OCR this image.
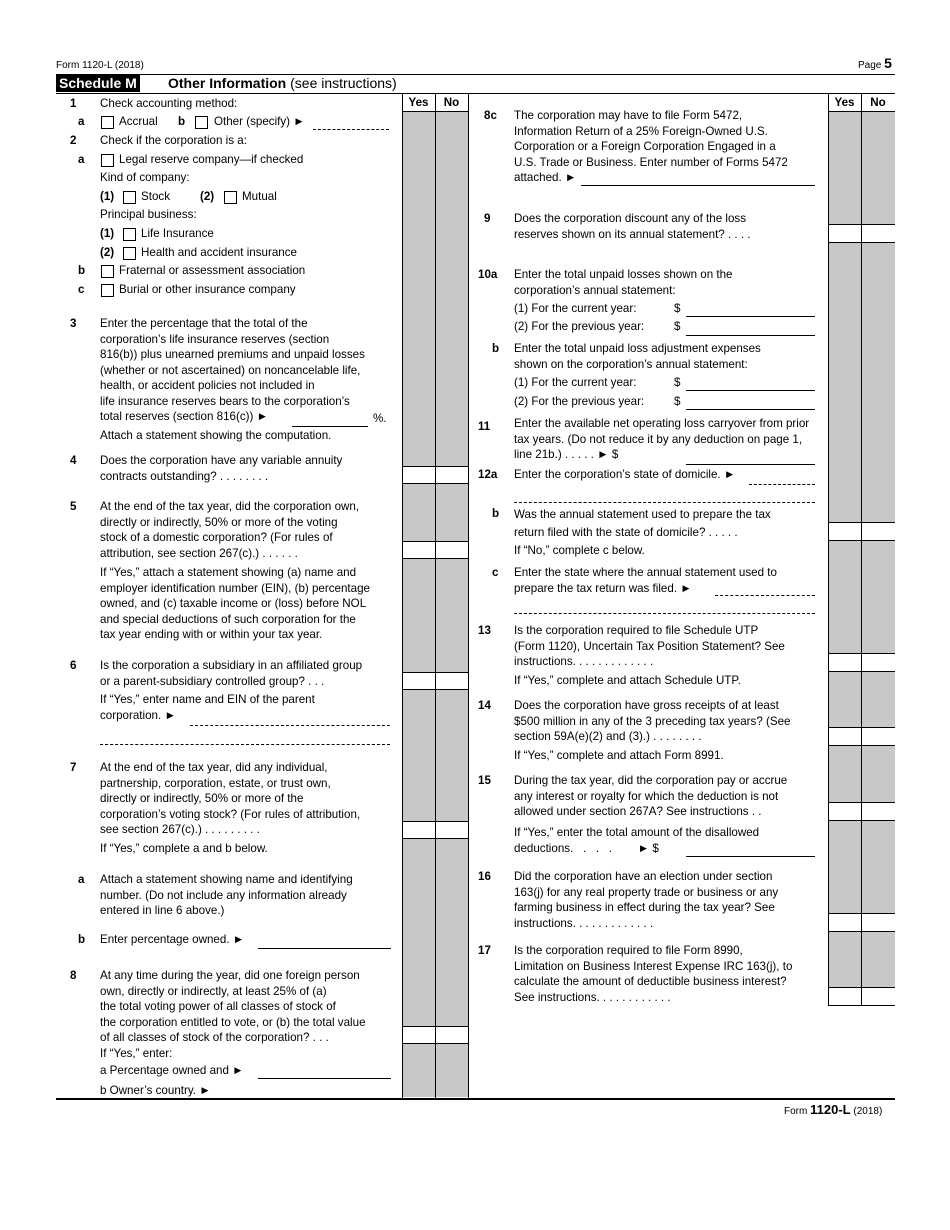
Form 1120-L (2018)	Page 5
Schedule M Other Information (see instructions)
Yes	No	Yes	No
1 Check accounting method:
a	Accrual b Other (specify) ►
2 Check if the corporation is a:
a	Legal reserve company—if checked
Kind of company:
(1) Stock	(2) Mutual
Principal business:
(1) Life Insurance
(2) Health and accident insurance
b	Fraternal or assessment association
c	Burial or other insurance company
3 Enter the percentage that the total of the
corporation’s life insurance reserves (section
816(b)) plus unearned premiums and unpaid losses
(whether or not ascertained) on noncancelable life,
health, or accident policies not included in
life insurance reserves bears to the corporation’s
total reserves (section 816(c)) ►	%.
Attach a statement showing the computation.
4 Does the corporation have any variable annuity
contracts outstanding? . . . . . . . .
5 At the end of the tax year, did the corporation own,
directly or indirectly, 50% or more of the voting
stock of a domestic corporation? (For rules of
attribution, see section 267(c).) . . . . . .
If “Yes,” attach a statement showing (a) name and
employer identification number (EIN), (b) percentage
owned, and (c) taxable income or (loss) before NOL
and special deductions of such corporation for the
tax year ending with or within your tax year.
6 Is the corporation a subsidiary in an affiliated group
or a parent-subsidiary controlled group? . . .
If “Yes,” enter name and EIN of the parent
corporation. ►
7 At the end of the tax year, did any individual,
partnership, corporation, estate, or trust own,
directly or indirectly, 50% or more of the
corporation’s voting stock? (For rules of attribution,
see section 267(c).) . . . . . . . . .
If “Yes,” complete a and b below.
a Attach a statement showing name and identifying
number. (Do not include any information already
entered in line 6 above.)
b Enter percentage owned. ►
8 At any time during the year, did one foreign person
own, directly or indirectly, at least 25% of (a)
the total voting power of all classes of stock of
the corporation entitled to vote, or (b) the total value
of all classes of stock of the corporation? . . .
If “Yes,” enter:
a Percentage owned and ►
b Owner’s country. ►
8c The corporation may have to file Form 5472,
Information Return of a 25% Foreign-Owned U.S.
Corporation or a Foreign Corporation Engaged in a
U.S. Trade or Business. Enter number of Forms 5472
attached. ►
9 Does the corporation discount any of the loss
reserves shown on its annual statement? . . . .
10a Enter the total unpaid losses shown on the
corporation’s annual statement:
(1) For the current year:	$
(2) For the previous year:	$
b Enter the total unpaid loss adjustment expenses
shown on the corporation’s annual statement:
(1) For the current year:	$
(2) For the previous year:	$
11 Enter the available net operating loss carryover from prior
tax years. (Do not reduce it by any deduction on page 1,
line 21b.) . . . . . ► $
12a Enter the corporation’s state of domicile. ►
b Was the annual statement used to prepare the tax
return filed with the state of domicile? . . . . .
If “No,” complete c below.
c Enter the state where the annual statement used to
prepare the tax return was filed. ►
13 Is the corporation required to file Schedule UTP
(Form 1120), Uncertain Tax Position Statement? See
instructions. . . . . . . . . . . . .
If “Yes,” complete and attach Schedule UTP.
14 Does the corporation have gross receipts of at least
$500 million in any of the 3 preceding tax years? (See
section 59A(e)(2) and (3).) . . . . . . . .
If “Yes,” complete and attach Form 8991.
15 During the tax year, did the corporation pay or accrue
any interest or royalty for which the deduction is not
allowed under section 267A? See instructions . .
If “Yes,” enter the total amount of the disallowed
deductions.   .   .   .        ► $
16 Did the corporation have an election under section
163(j) for any real property trade or business or any
farming business in effect during the tax year? See
instructions. . . . . . . . . . . . .
17 Is the corporation required to file Form 8990,
Limitation on Business Interest Expense IRC 163(j), to
calculate the amount of deductible business interest?
See instructions. . . . . . . . . . . .
Form 1120-L (2018)
